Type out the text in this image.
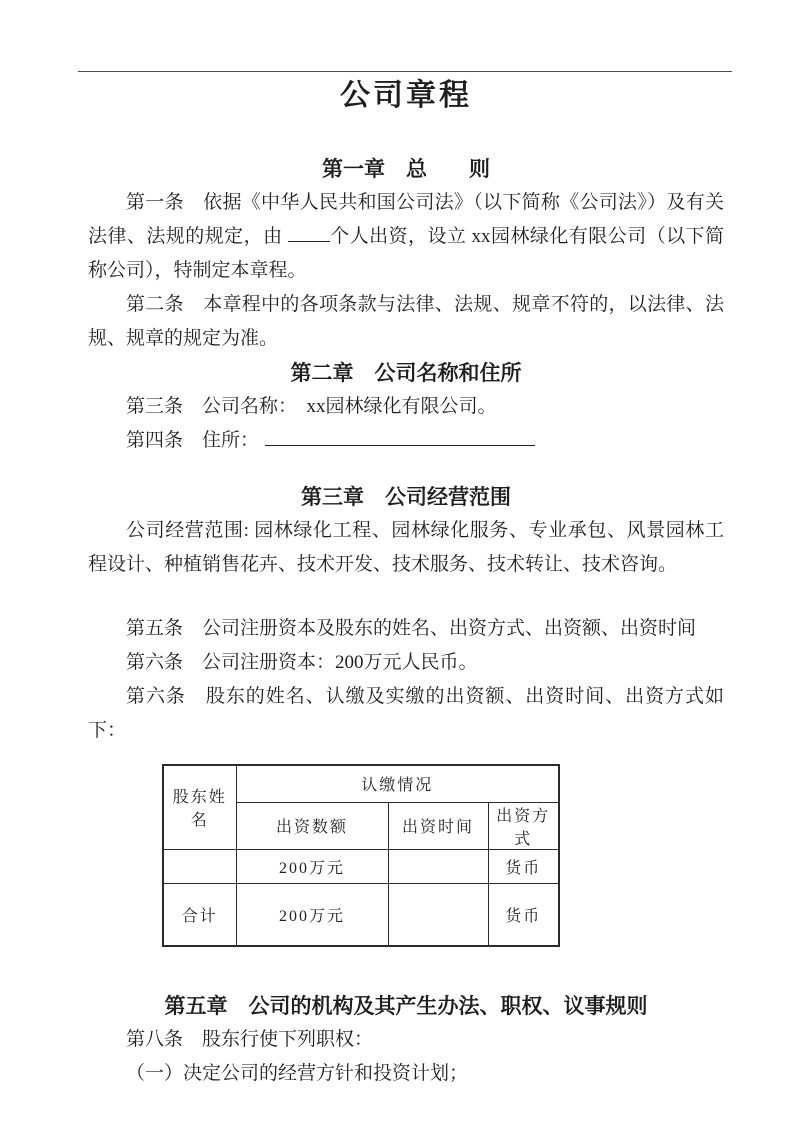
公司章程
第一章　总　　则

第一条　依据《中华人民共和国公司法》（以下简称《公司法》）及有关法律、法规的规定，由 个人出资，设立 xx园林绿化有限公司（以下简称公司），特制定本章程。

第二条　本章程中的各项条款与法律、法规、规章不符的，以法律、法规、规章的规定为准。

第二章　公司名称和住所

第三条　公司名称：　xx园林绿化有限公司。

第四条　住所：

第三章　公司经营范围

公司经营范围: 园林绿化工程、园林绿化服务、专业承包、风景园林工程设计、种植销售花卉、技术开发、技术服务、技术转让、技术咨询。

第五条　公司注册资本及股东的姓名、出资方式、出资额、出资时间

第六条　公司注册资本：200万元人民币。

第六条　股东的姓名、认缴及实缴的出资额、出资时间、出资方式如下：

股东姓名	认缴情况		
	出资数额	出资时间	出资方式
	200万元		货币
合计	200万元		货币
第五章　公司的机构及其产生办法、职权、议事规则

第八条　股东行使下列职权：

（一）决定公司的经营方针和投资计划；
